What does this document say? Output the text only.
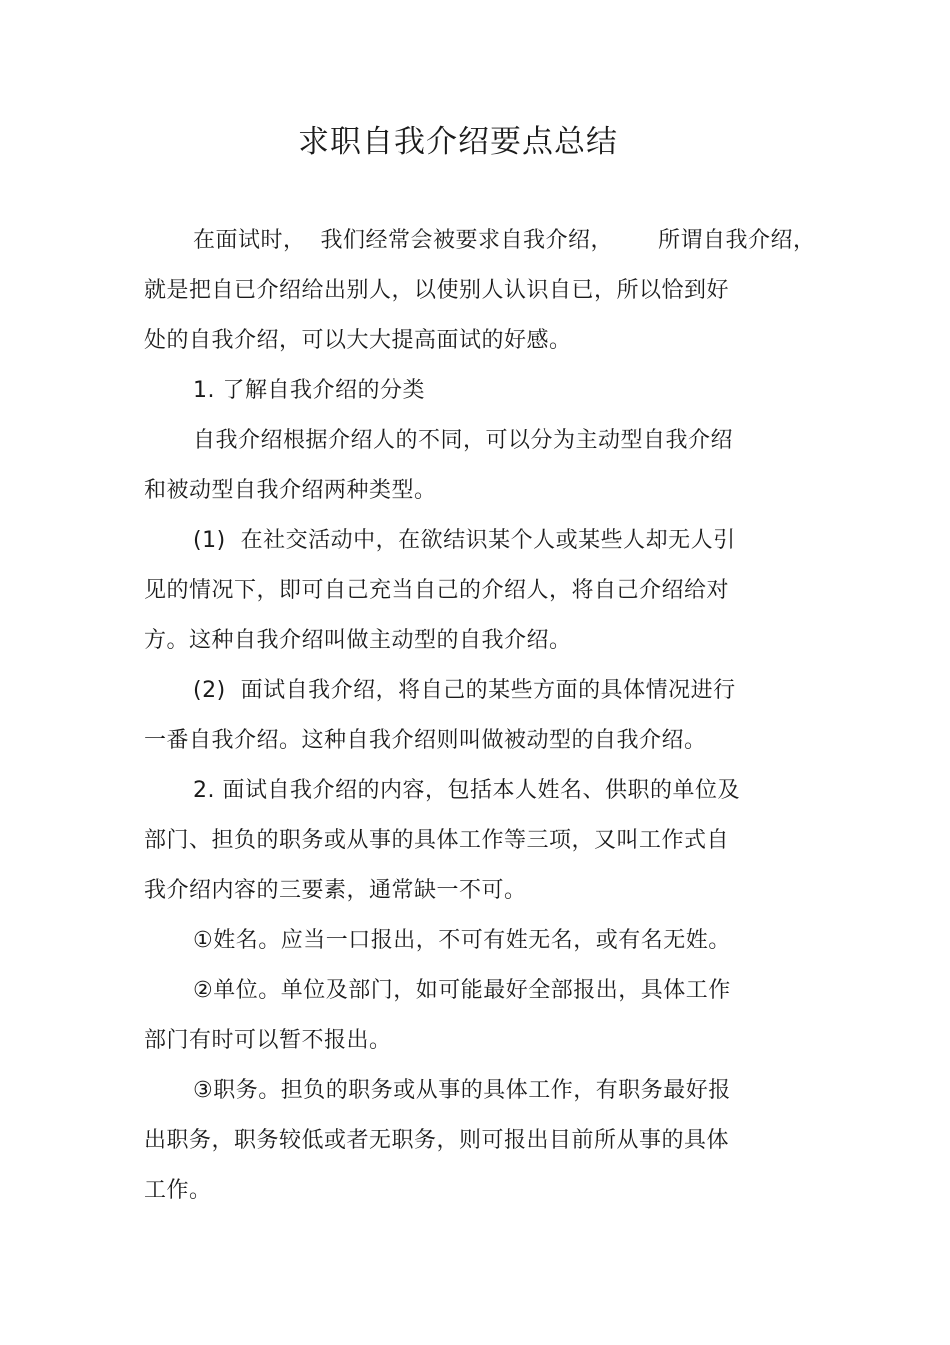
求职自我介绍要点总结
在面试时，  我们经常会被要求自我介绍，      所谓自我介绍，
就是把自已介绍给出别人，以使别人认识自已，所以恰到好
处的自我介绍，可以大大提高面试的好感。
1. 了解自我介绍的分类
自我介绍根据介绍人的不同，可以分为主动型自我介绍
和被动型自我介绍两种类型。
(1)  在社交活动中，在欲结识某个人或某些人却无人引
见的情况下，即可自己充当自己的介绍人，将自己介绍给对
方。这种自我介绍叫做主动型的自我介绍。
(2)  面试自我介绍，将自己的某些方面的具体情况进行
一番自我介绍。这种自我介绍则叫做被动型的自我介绍。
2. 面试自我介绍的内容，包括本人姓名、供职的单位及
部门、担负的职务或从事的具体工作等三项，又叫工作式自
我介绍内容的三要素，通常缺一不可。
①姓名。应当一口报出，不可有姓无名，或有名无姓。
②单位。单位及部门，如可能最好全部报出，具体工作
部门有时可以暂不报出。
③职务。担负的职务或从事的具体工作，有职务最好报
出职务，职务较低或者无职务，则可报出目前所从事的具体
工作。
